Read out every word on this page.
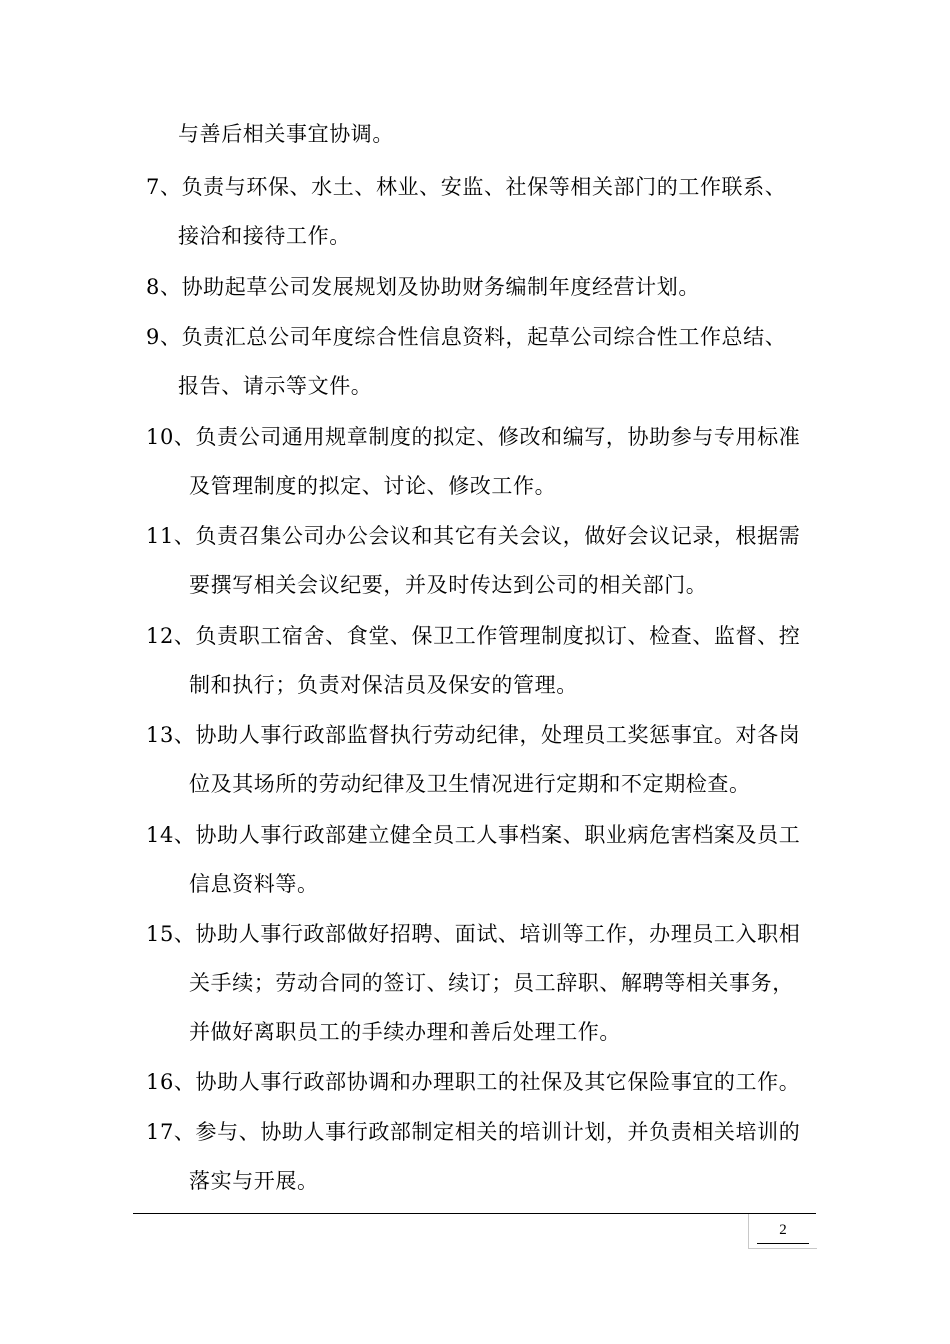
与善后相关事宜协调。
7、负责与环保、水土、林业、安监、社保等相关部门的工作联系、
接洽和接待工作。
8、协助起草公司发展规划及协助财务编制年度经营计划。
9、负责汇总公司年度综合性信息资料，起草公司综合性工作总结、
报告、请示等文件。
10、负责公司通用规章制度的拟定、修改和编写，协助参与专用标准
及管理制度的拟定、讨论、修改工作。
11、负责召集公司办公会议和其它有关会议，做好会议记录，根据需
要撰写相关会议纪要，并及时传达到公司的相关部门。
12、负责职工宿舍、食堂、保卫工作管理制度拟订、检查、监督、控
制和执行；负责对保洁员及保安的管理。
13、协助人事行政部监督执行劳动纪律，处理员工奖惩事宜。对各岗
位及其场所的劳动纪律及卫生情况进行定期和不定期检查。
14、协助人事行政部建立健全员工人事档案、职业病危害档案及员工
信息资料等。
15、协助人事行政部做好招聘、面试、培训等工作，办理员工入职相
关手续；劳动合同的签订、续订；员工辞职、解聘等相关事务，
并做好离职员工的手续办理和善后处理工作。
16、协助人事行政部协调和办理职工的社保及其它保险事宜的工作。
17、参与、协助人事行政部制定相关的培训计划，并负责相关培训的
落实与开展。
2
